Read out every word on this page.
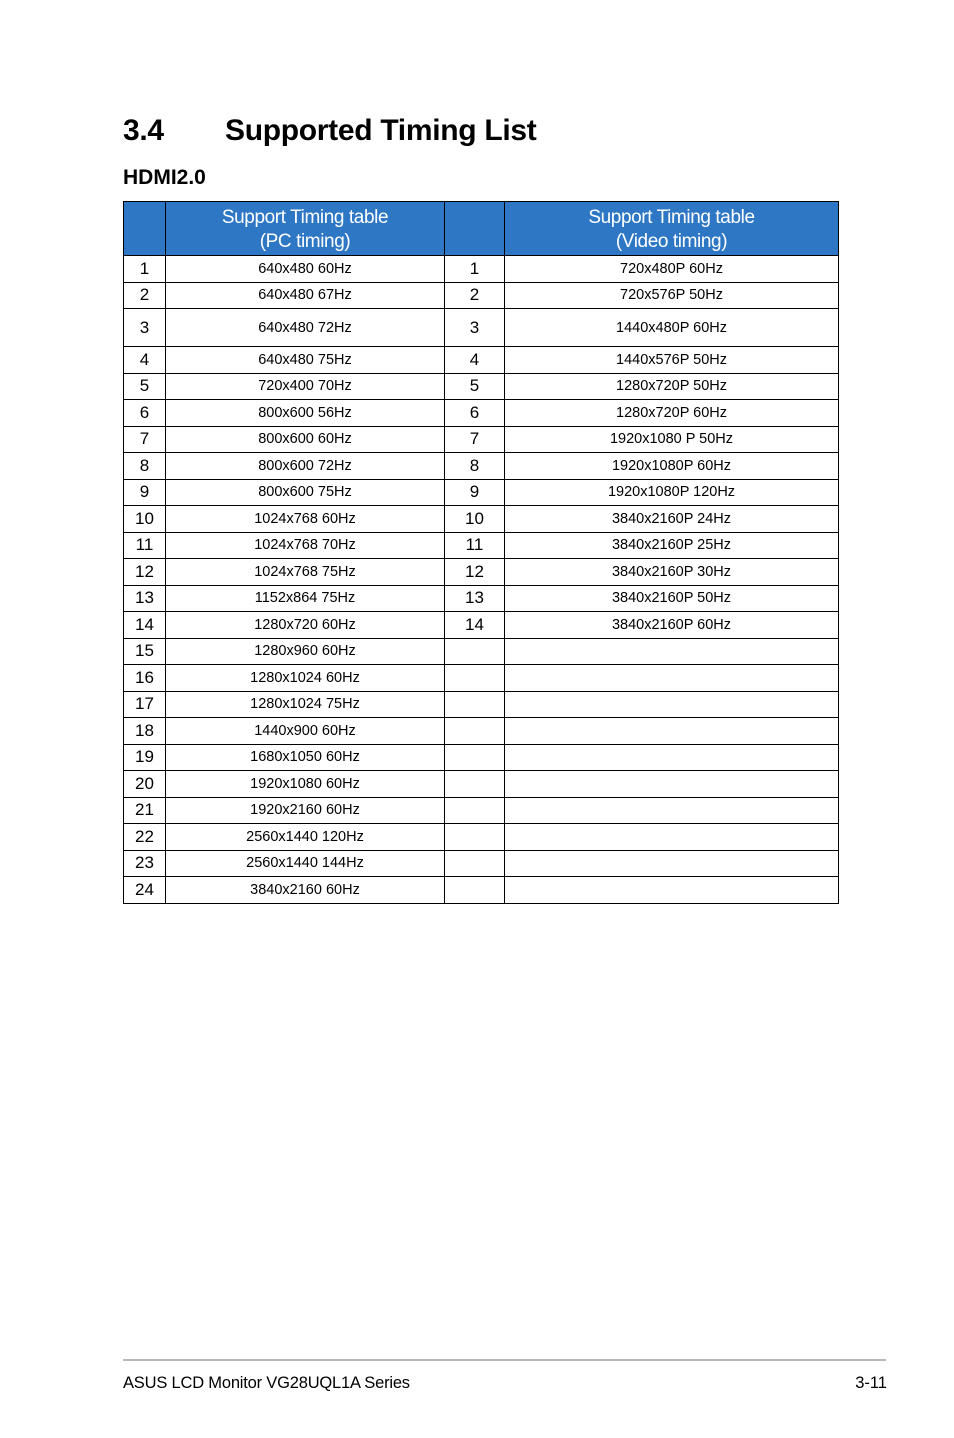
3.4 Supported Timing List
HDMI2.0
	Support Timing table
(PC timing)		Support Timing table
(Video timing)
1	640x480 60Hz	1	720x480P 60Hz
2	640x480 67Hz	2	720x576P 50Hz
3	640x480 72Hz	3	1440x480P 60Hz
4	640x480 75Hz	4	1440x576P 50Hz
5	720x400 70Hz	5	1280x720P 50Hz
6	800x600 56Hz	6	1280x720P 60Hz
7	800x600 60Hz	7	1920x1080 P 50Hz
8	800x600 72Hz	8	1920x1080P 60Hz
9	800x600 75Hz	9	1920x1080P 120Hz
10	1024x768 60Hz	10	3840x2160P 24Hz
11	1024x768 70Hz	11	3840x2160P 25Hz
12	1024x768 75Hz	12	3840x2160P 30Hz
13	1152x864 75Hz	13	3840x2160P 50Hz
14	1280x720 60Hz	14	3840x2160P 60Hz
15	1280x960 60Hz		
16	1280x1024 60Hz		
17	1280x1024 75Hz		
18	1440x900 60Hz		
19	1680x1050 60Hz		
20	1920x1080 60Hz		
21	1920x2160 60Hz		
22	2560x1440 120Hz		
23	2560x1440 144Hz		
24	3840x2160 60Hz		
ASUS LCD Monitor VG28UQL1A Series	3-11
